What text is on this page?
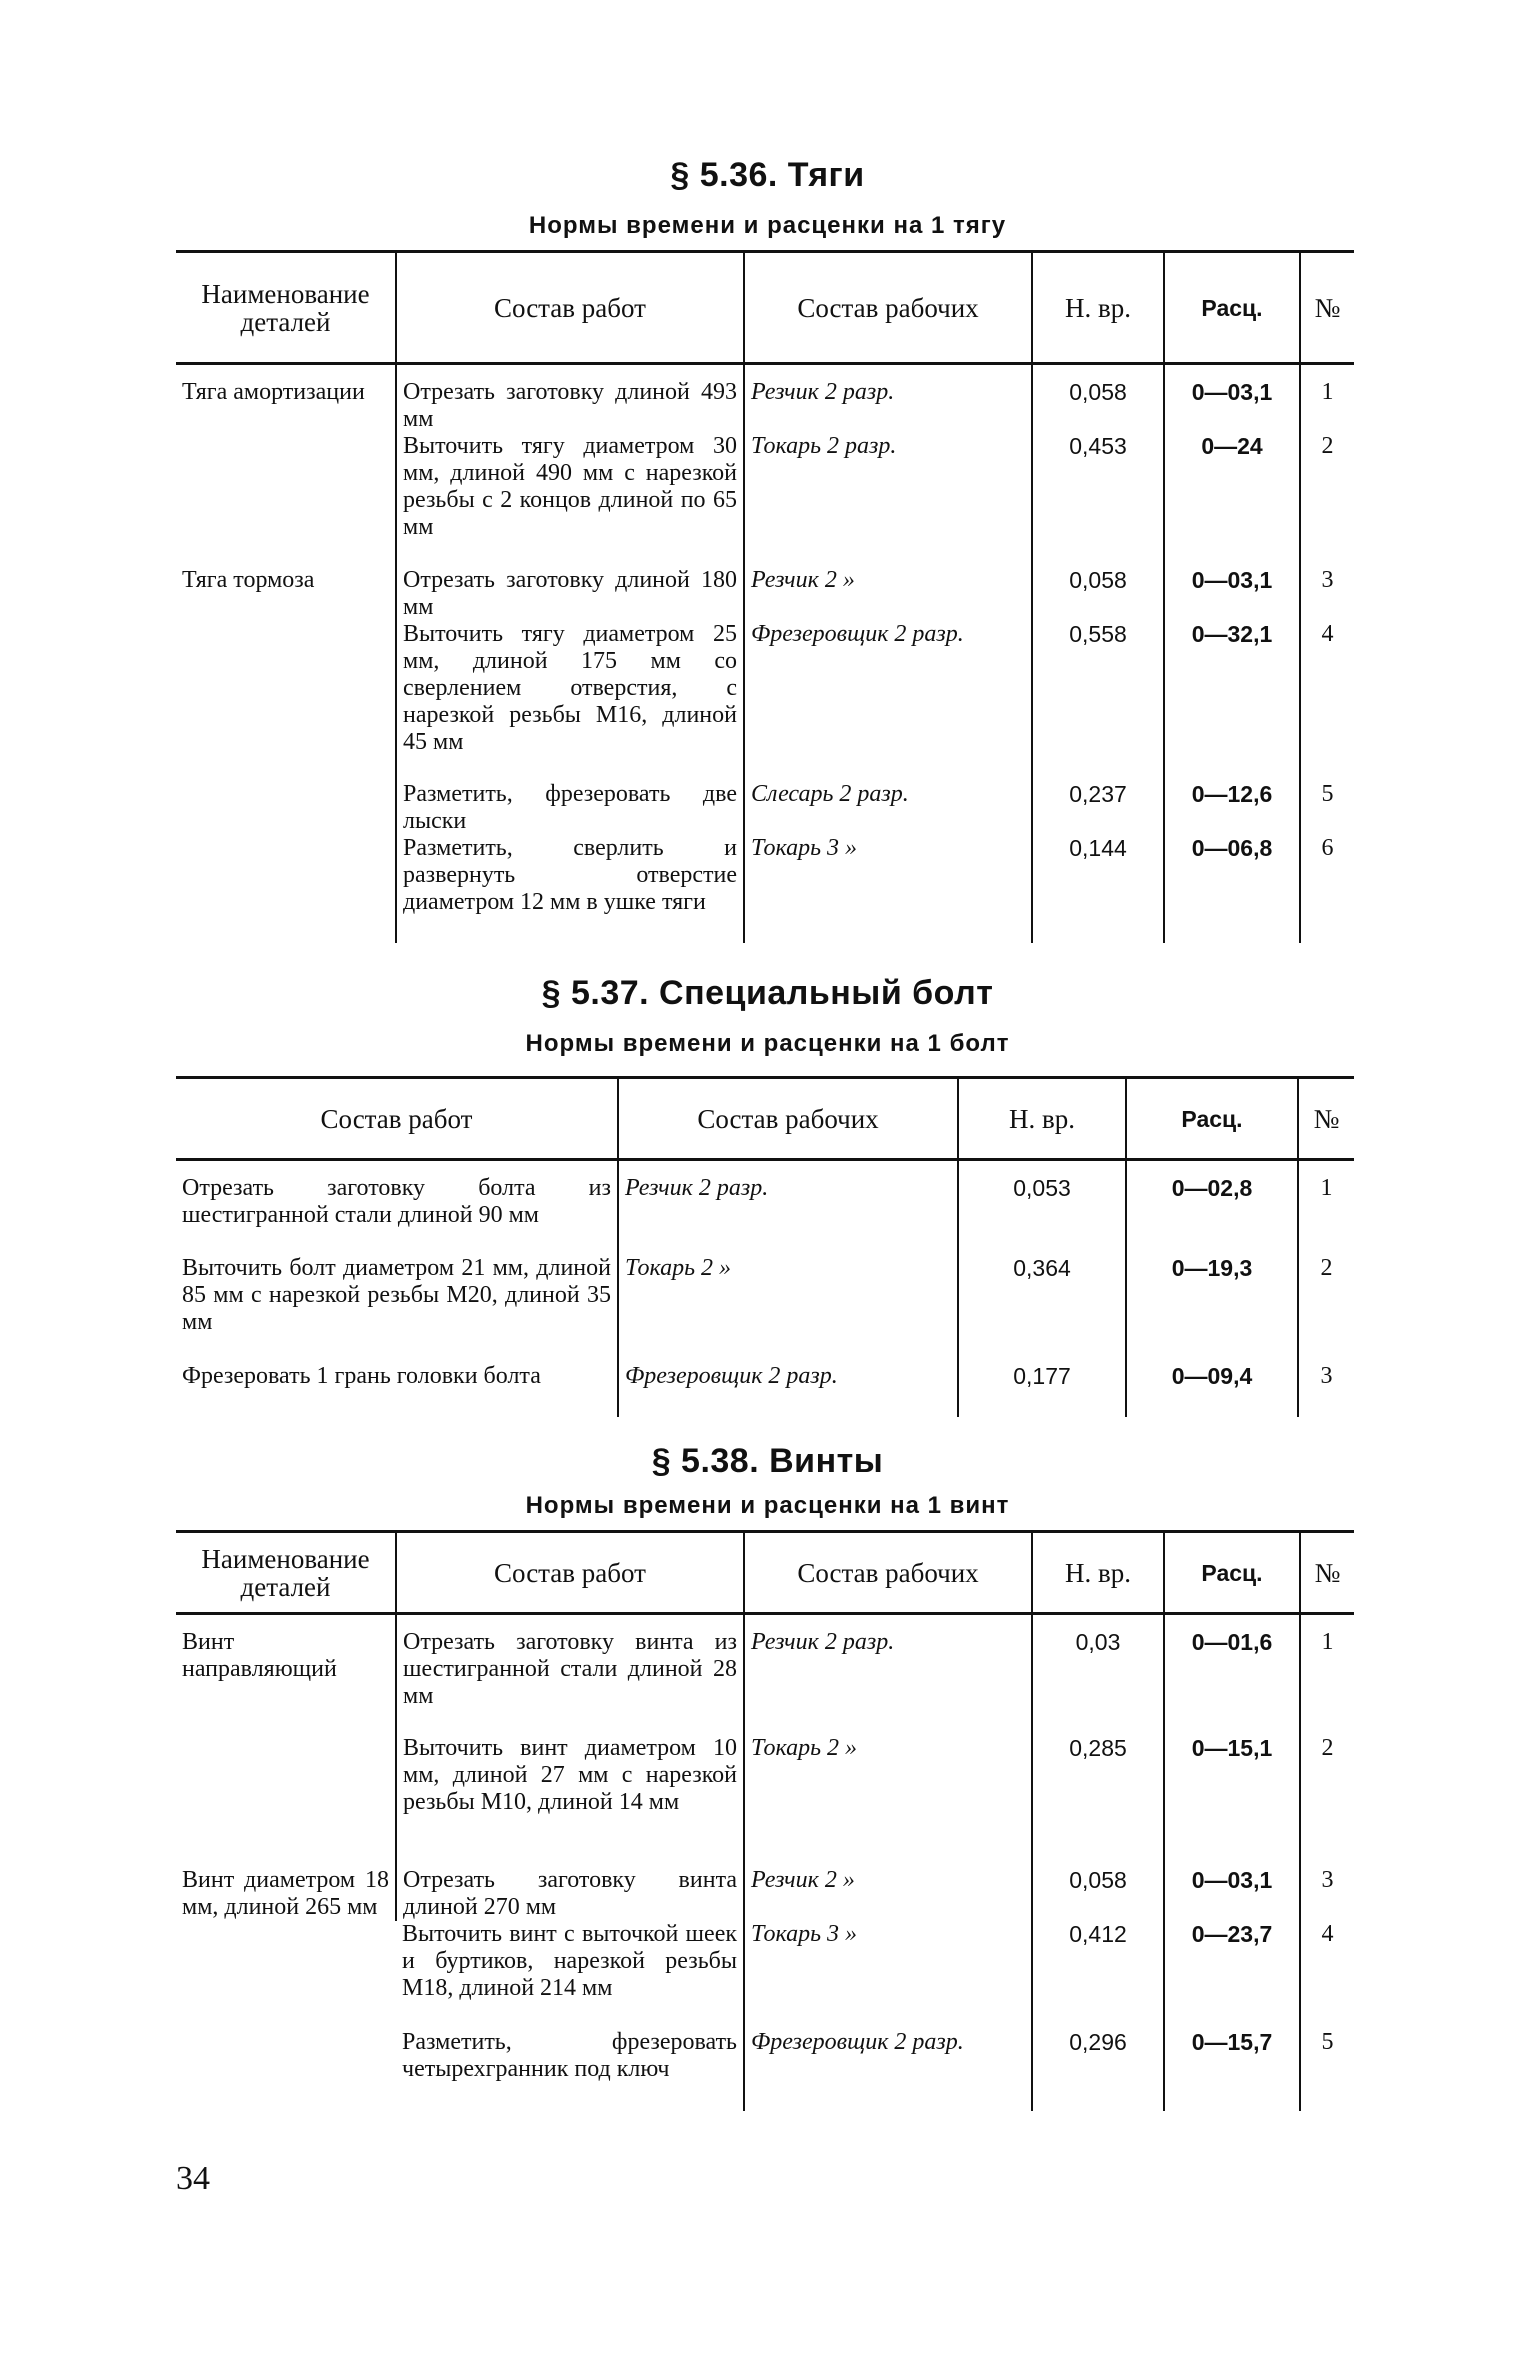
§ 5.36. Тяги
Нормы времени и расценки на 1 тягу
Наименование деталей	Состав работ	Состав рабочих	Н. вр.	Расц.	№

Тяга амортизации	Отрезать заготовку длиной 493 мм	Резчик 2 разр.	0,058	0—03,1	1
	Выточить тягу диаметром 30 мм, длиной 490 мм с нарезкой резьбы с 2 концов длиной по 65 мм	Токарь 2 разр.	0,453	0—24	2
Тяга тормоза	Отрезать заготовку длиной 180 мм	Резчик 2 »	0,058	0—03,1	3
	Выточить тягу диаметром 25 мм, длиной 175 мм со сверлением отверстия, с нарезкой резьбы М16, длиной 45 мм	Фрезеровщик 2 разр.	0,558	0—32,1	4
	Разметить, фрезеровать две лыски	Слесарь 2 разр.	0,237	0—12,6	5
	Разметить, сверлить и развернуть отверстие диаметром 12 мм в ушке тяги	Токарь 3 »	0,144	0—06,8	6
§ 5.37. Специальный болт
Нормы времени и расценки на 1 болт
Состав работ	Состав рабочих	Н. вр.	Расц.	№

Отрезать заготовку болта из шестигранной стали длиной 90 мм	Резчик 2 разр.	0,053	0—02,8	1
Выточить болт диаметром 21 мм, длиной 85 мм с нарезкой резьбы М20, длиной 35 мм	Токарь 2 »	0,364	0—19,3	2
Фрезеровать 1 грань головки болта	Фрезеровщик 2 разр.	0,177	0—09,4	3
§ 5.38. Винты
Нормы времени и расценки на 1 винт
Наименование деталей	Состав работ	Состав рабочих	Н. вр.	Расц.	№

Винт направляющий	Отрезать заготовку винта из шестигранной стали длиной 28 мм	Резчик 2 разр.	0,03	0—01,6	1
	Выточить винт диаметром 10 мм, длиной 27 мм с нарезкой резьбы М10, длиной 14 мм	Токарь 2 »	0,285	0—15,1	2
Винт диаметром 18 мм, длиной 265 мм	Отрезать заготовку винта длиной 270 мм	Резчик 2 »	0,058	0—03,1	3
	Выточить винт с выточкой шеек и буртиков, нарезкой резьбы М18, длиной 214 мм	Токарь 3 »	0,412	0—23,7	4
	Разметить, фрезеровать четырехгранник под ключ	Фрезеровщик 2 разр.	0,296	0—15,7	5
34
